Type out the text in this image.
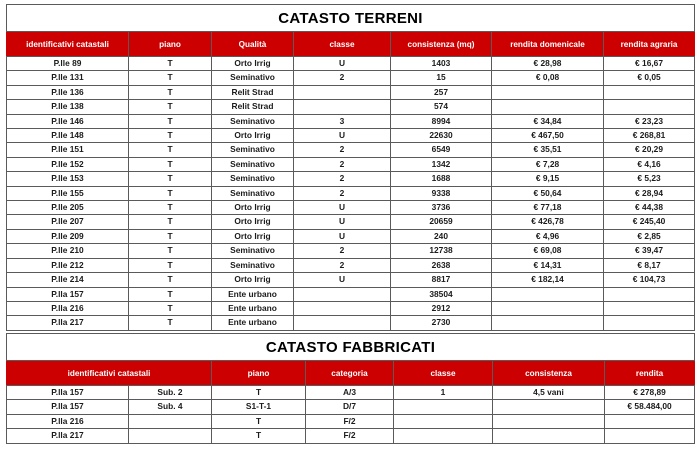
CATASTO TERRENI						
identificativi catastali	piano	Qualità	classe	consistenza (mq)	rendita domenicale	rendita agraria
P.lle 89	T	Orto Irrig	U	1403	€ 28,98	€ 16,67
P.lle 131	T	Seminativo	2	15	€ 0,08	€ 0,05
P.lle 136	T	Relit Strad		257		
P.lle 138	T	Relit Strad		574		
P.lle 146	T	Seminativo	3	8994	€ 34,84	€ 23,23
P.lle 148	T	Orto Irrig	U	22630	€ 467,50	€ 268,81
P.lle 151	T	Seminativo	2	6549	€ 35,51	€ 20,29
P.lle 152	T	Seminativo	2	1342	€ 7,28	€ 4,16
P.lle 153	T	Seminativo	2	1688	€ 9,15	€ 5,23
P.lle 155	T	Seminativo	2	9338	€ 50,64	€ 28,94
P.lle 205	T	Orto Irrig	U	3736	€ 77,18	€ 44,38
P.lle 207	T	Orto Irrig	U	20659	€ 426,78	€ 245,40
P.lle 209	T	Orto Irrig	U	240	€ 4,96	€ 2,85
P.lle 210	T	Seminativo	2	12738	€ 69,08	€ 39,47
P.lle 212	T	Seminativo	2	2638	€ 14,31	€ 8,17
P.lle 214	T	Orto Irrig	U	8817	€ 182,14	€ 104,73
P.lla 157	T	Ente urbano		38504		
P.lla 216	T	Ente urbano		2912		
P.lla 217	T	Ente urbano		2730		
CATASTO FABBRICATI						
identificativi catastali		piano	categoria	classe	consistenza	rendita
P.lla 157	Sub. 2	T	A/3	1	4,5 vani	€ 278,89
P.lla 157	Sub. 4	S1-T-1	D/7			€ 58.484,00
P.lla 216		T	F/2			
P.lla 217		T	F/2			
